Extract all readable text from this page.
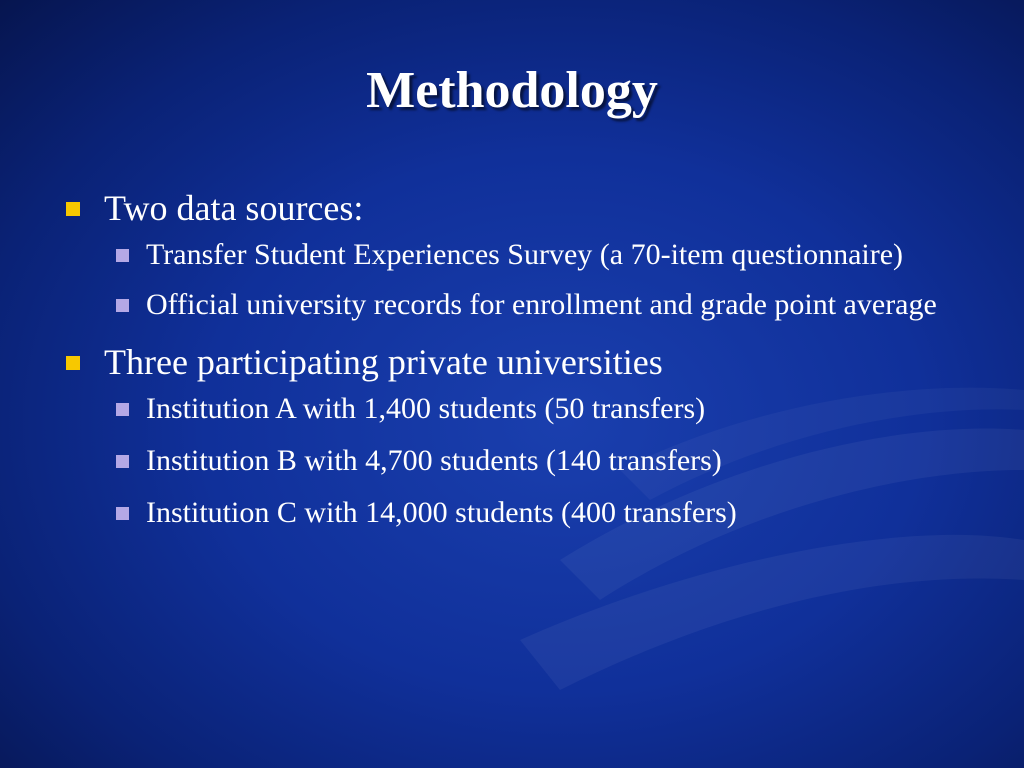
Methodology
Two data sources:
Transfer Student Experiences Survey (a 70-item questionnaire)
Official university records for enrollment and grade point average
Three participating private universities
Institution A with 1,400 students (50 transfers)
Institution B with 4,700 students (140 transfers)
Institution C with 14,000 students (400 transfers)
